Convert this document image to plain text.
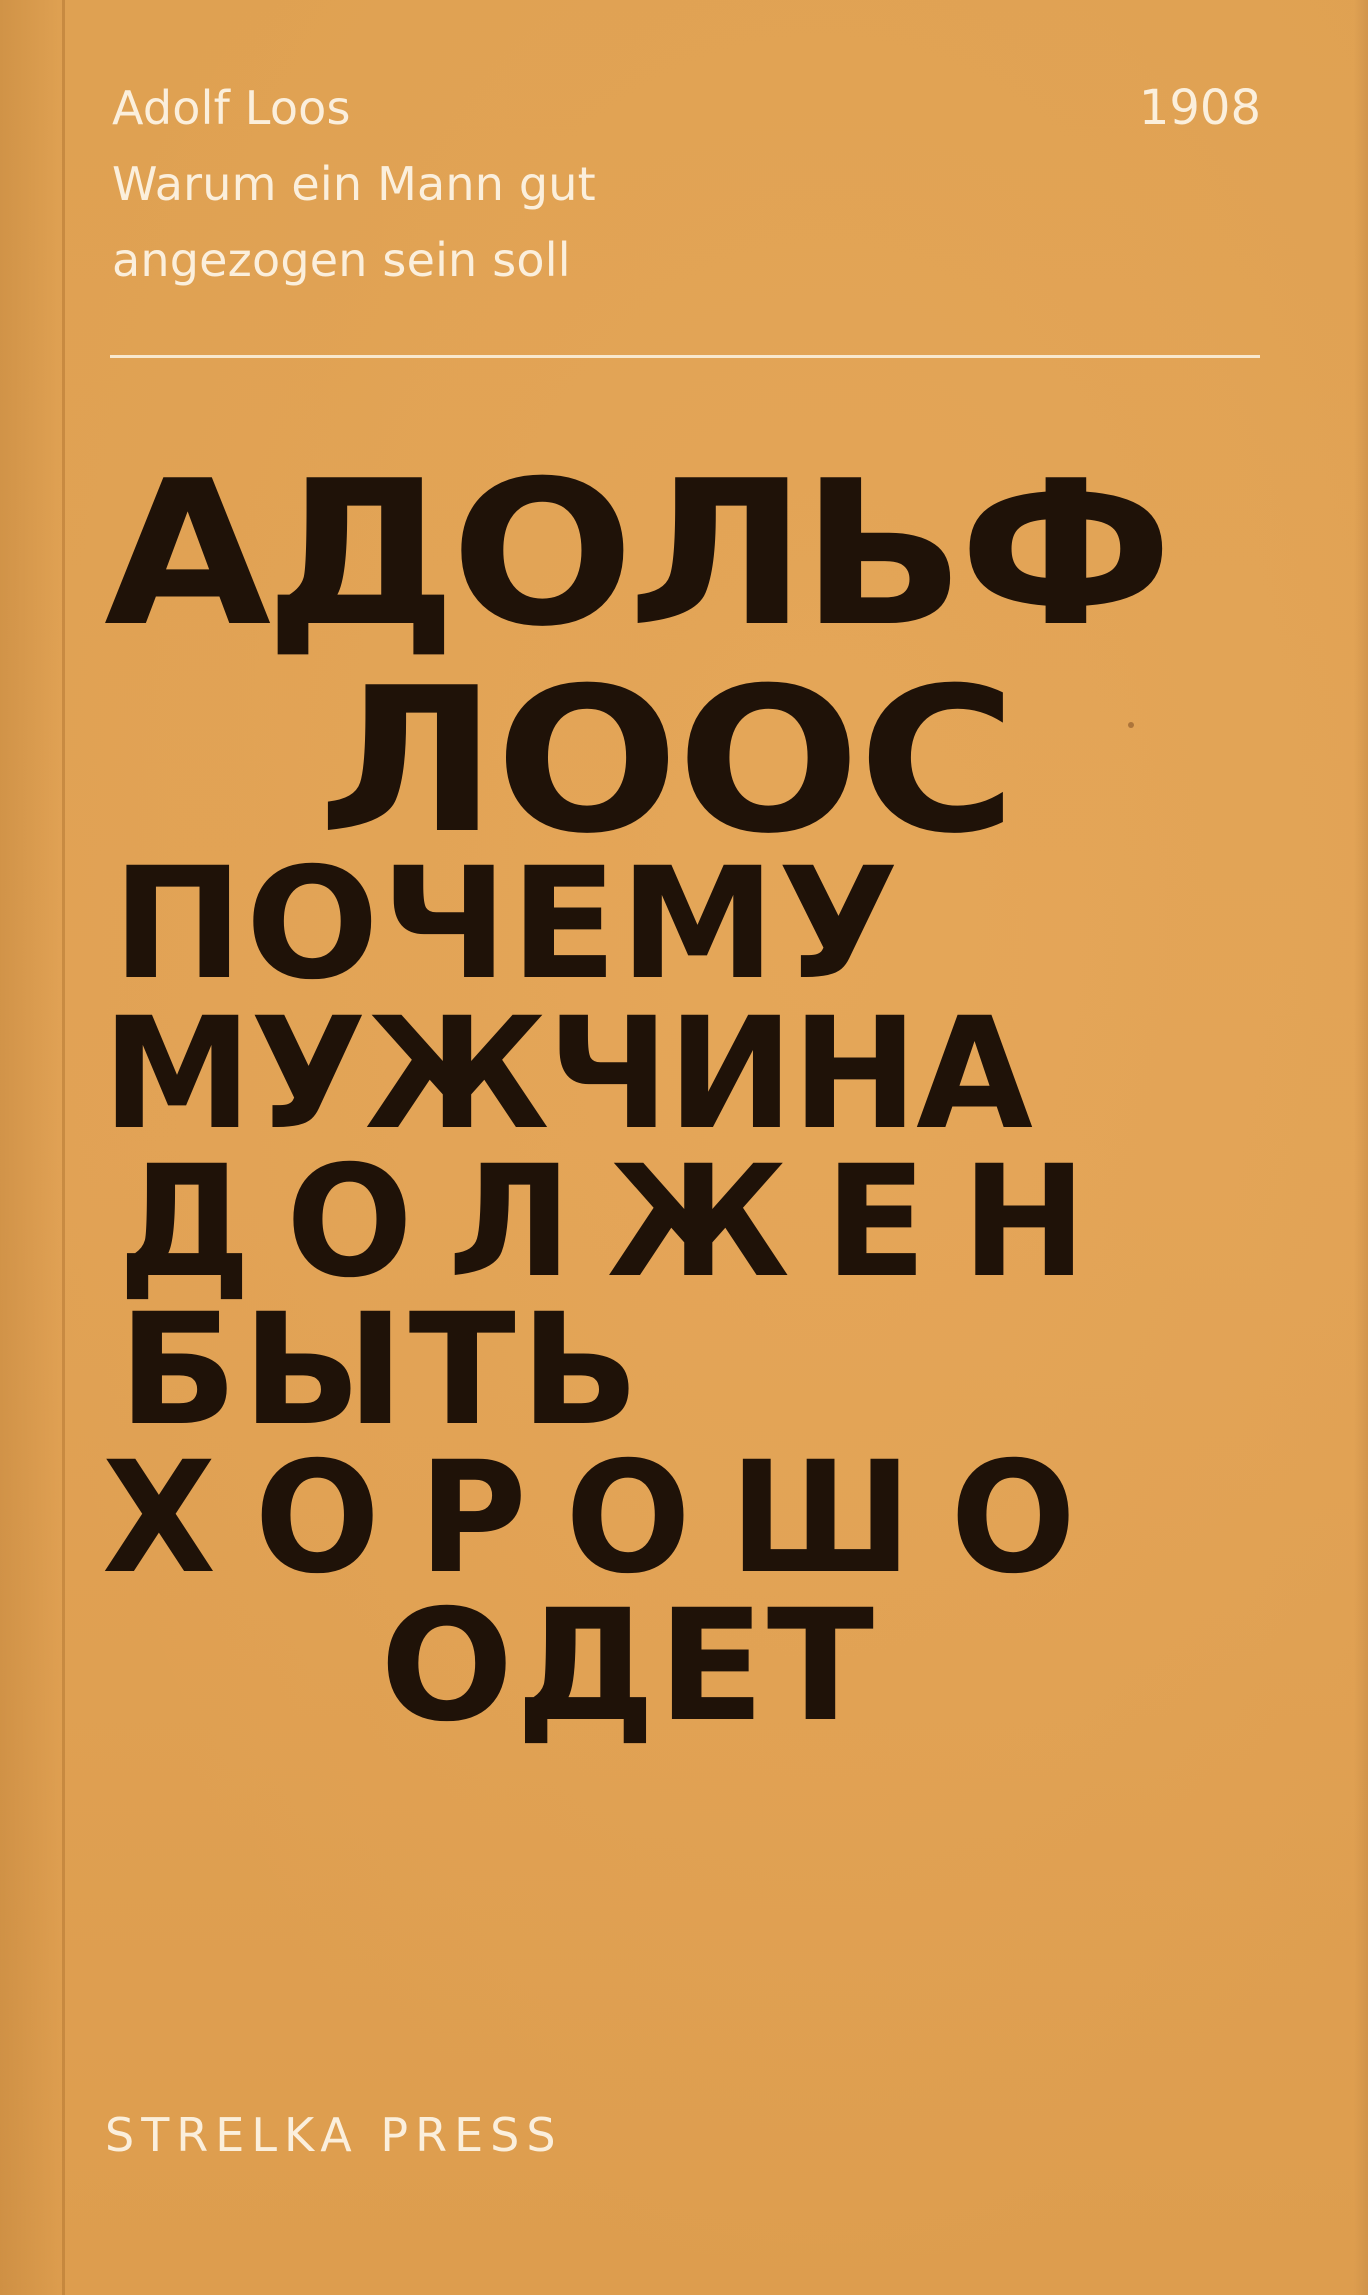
Adolf Loos
Warum ein Mann gut
angezogen sein soll
1908
АДОЛЬФ
ЛООС
ПОЧЕМУ
МУЖЧИНА
ДОЛЖЕН
БЫТЬ
ХОРОШО
ОДЕТ
STRELKA PRESS
